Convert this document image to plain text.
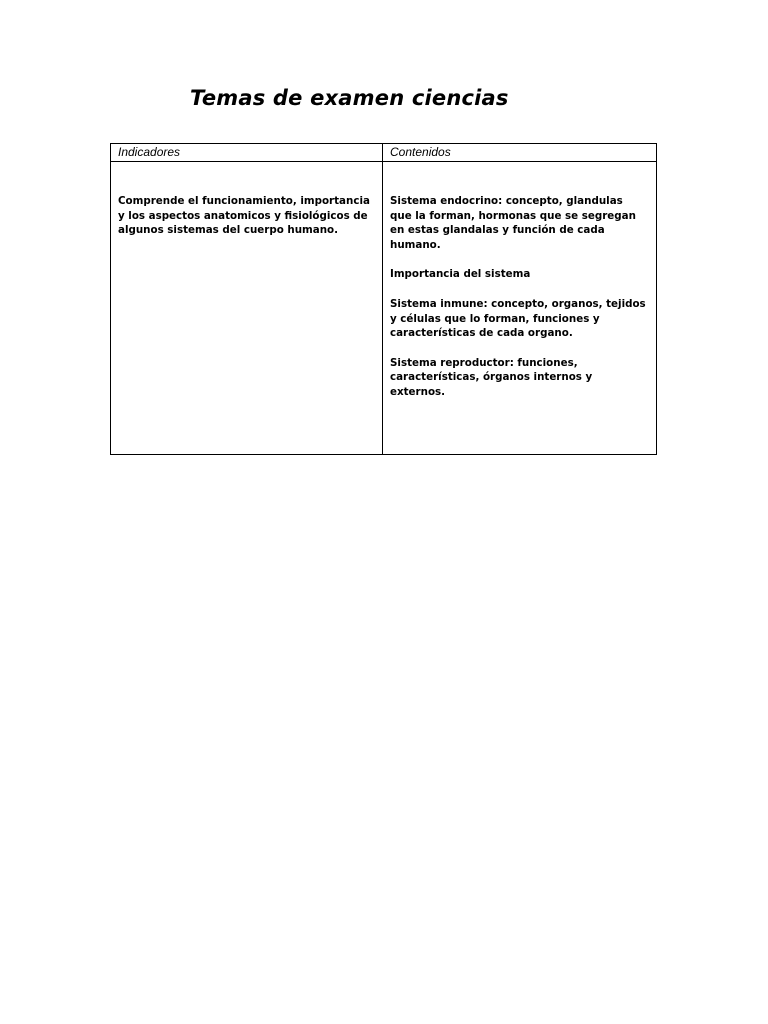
Temas de examen ciencias
Indicadores	Contenidos

Comprende el funcionamiento, importancia y los aspectos anatomicos y fisiológicos de algunos sistemas del cuerpo humano.	Sistema endocrino: concepto, glandulas que la forman, hormonas que se segregan en estas glandalas y función de cada humano.

Importancia del sistema

Sistema inmune: concepto, organos, tejidos y células que lo forman, funciones y características de cada organo.

Sistema reproductor: funciones, características, órganos internos y externos.
